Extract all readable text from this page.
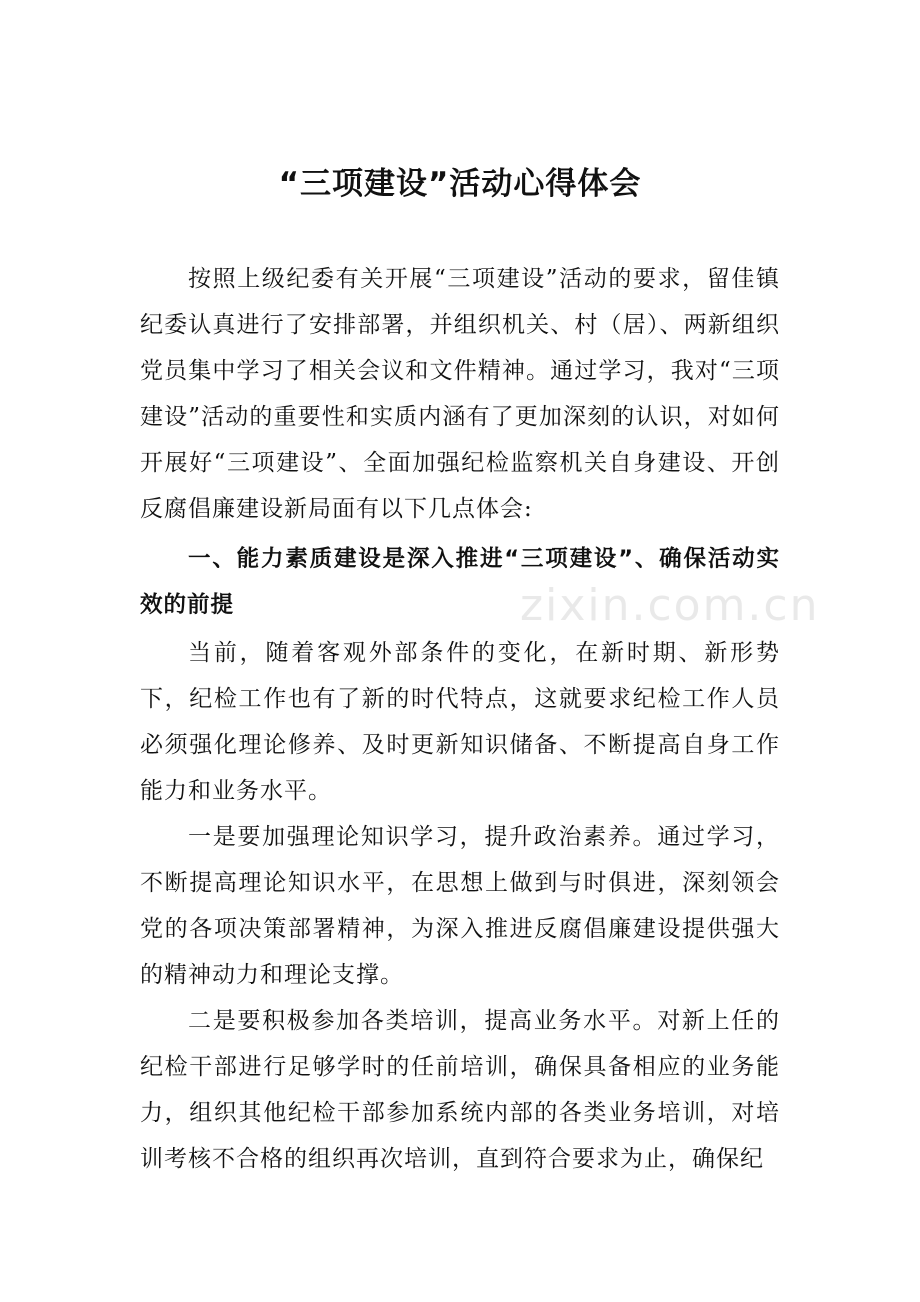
“三项建设”活动心得体会

按照上级纪委有关开展“三项建设”活动的要求，留佳镇纪委认真进行了安排部署，并组织机关、村（居）、两新组织党员集中学习了相关会议和文件精神。通过学习，我对“三项建设”活动的重要性和实质内涵有了更加深刻的认识，对如何开展好“三项建设”、全面加强纪检监察机关自身建设、开创反腐倡廉建设新局面有以下几点体会:

一、能力素质建设是深入推进“三项建设”、确保活动实效的前提

当前，随着客观外部条件的变化，在新时期、新形势下，纪检工作也有了新的时代特点，这就要求纪检工作人员必须强化理论修养、及时更新知识储备、不断提高自身工作能力和业务水平。

一是要加强理论知识学习，提升政治素养。通过学习，不断提高理论知识水平，在思想上做到与时俱进，深刻领会党的各项决策部署精神，为深入推进反腐倡廉建设提供强大的精神动力和理论支撑。

二是要积极参加各类培训，提高业务水平。对新上任的纪检干部进行足够学时的任前培训，确保具备相应的业务能力，组织其他纪检干部参加系统内部的各类业务培训，对培训考核不合格的组织再次培训，直到符合要求为止，确保纪

zixin.com.cn
